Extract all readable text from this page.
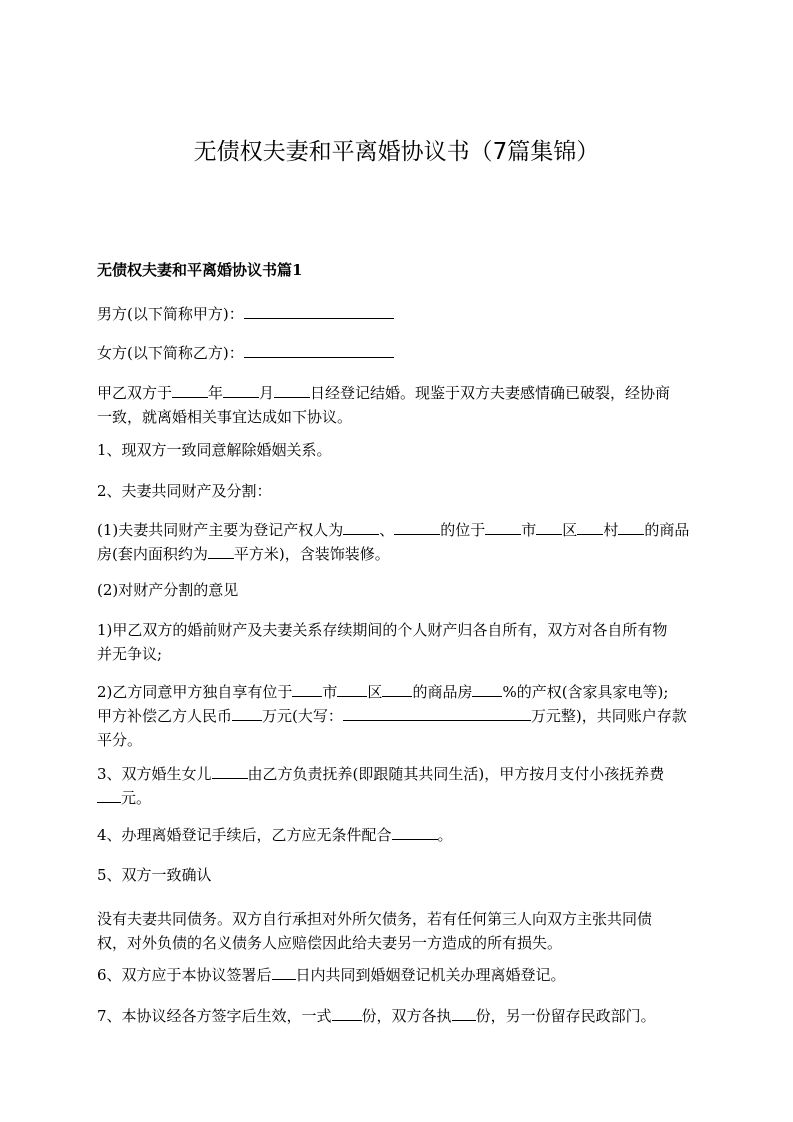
无债权夫妻和平离婚协议书（7篇集锦）
无债权夫妻和平离婚协议书篇1
男方(以下简称甲方)：
女方(以下简称乙方)：
甲乙双方于 年 月 日经登记结婚。现鉴于双方夫妻感情确已破裂，经协商
一致，就离婚相关事宜达成如下协议。
1、现双方一致同意解除婚姻关系。
2、夫妻共同财产及分割：
(1)夫妻共同财产主要为登记产权人为 、	的位于 市 区 村 的商品
房(套内面积约为 平方米)，含装饰装修。
(2)对财产分割的意见
1)甲乙双方的婚前财产及夫妻关系存续期间的个人财产归各自所有，双方对各自所有物
并无争议;
2)乙方同意甲方独自享有位于 市 区 的商品房 %的产权(含家具家电等);
甲方补偿乙方人民币 万元(大写：	万元整)，共同账户存款
平分。
3、双方婚生女儿 由乙方负责抚养(即跟随其共同生活)，甲方按月支付小孩抚养费
元。
4、办理离婚登记手续后，乙方应无条件配合	。
5、双方一致确认
没有夫妻共同债务。双方自行承担对外所欠债务，若有任何第三人向双方主张共同债
权，对外负债的名义债务人应赔偿因此给夫妻另一方造成的所有损失。
6、双方应于本协议签署后 日内共同到婚姻登记机关办理离婚登记。
7、本协议经各方签字后生效，一式 份，双方各执 份，另一份留存民政部门。
